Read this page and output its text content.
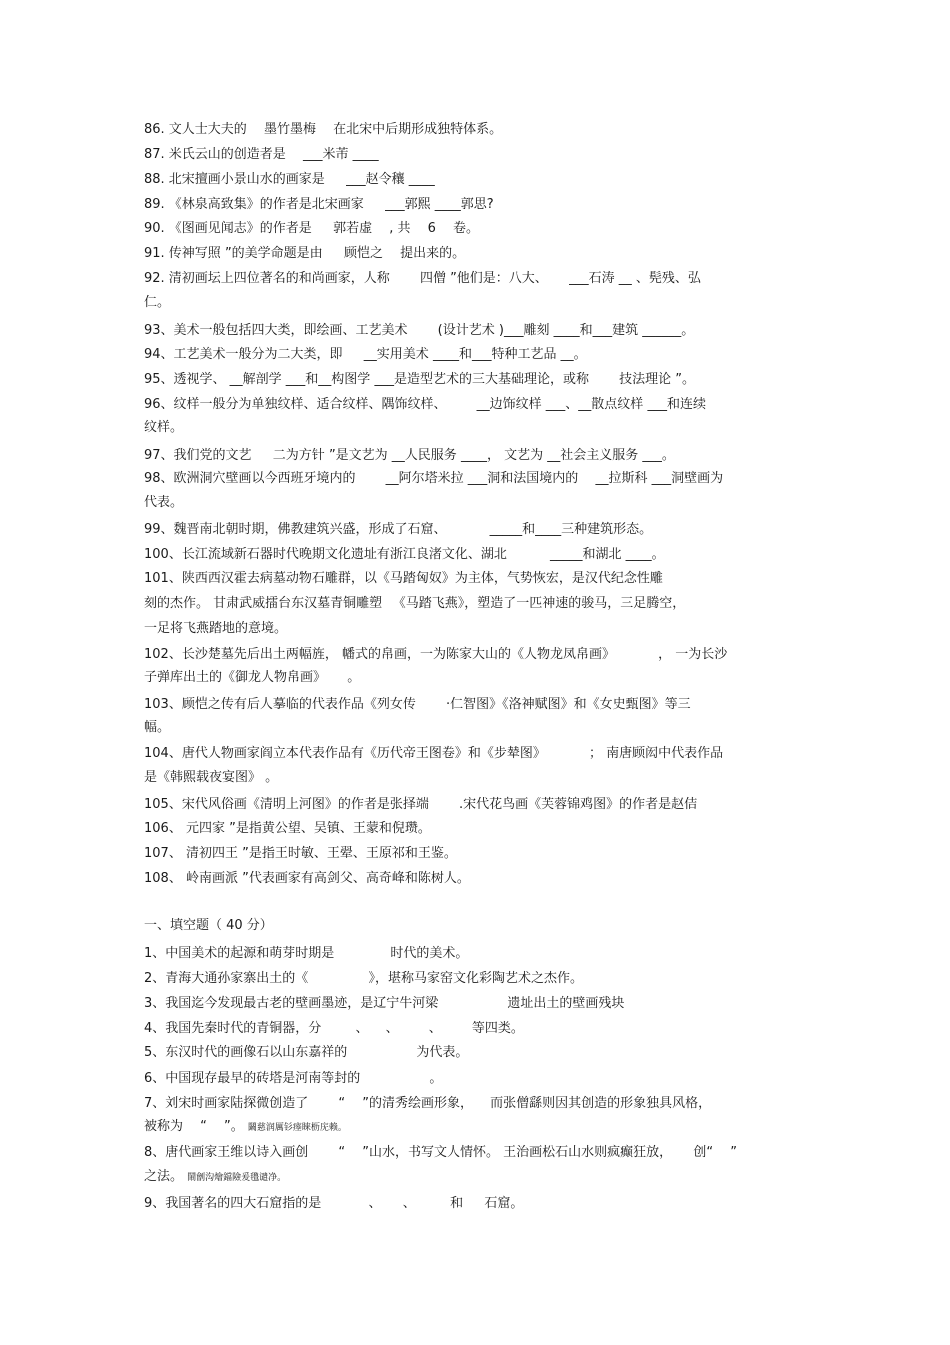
86. 文人士大夫的 　墨竹墨梅 　在北宋中后期形成独特体系。
87. 米氏云山的创造者是 　___米芾 ____
88. 北宋擅画小景山水的画家是 　 ___赵令穰 ____
89. 《林泉高致集》的作者是北宋画家 　 ___郭熙 ____郭思?
90. 《图画见闻志》的作者是 　 郭若虚 　, 共 　6 　卷。
91. 传神写照 ”的美学命题是由 　 顾恺之 　提出来的。
92. 清初画坛上四位著名的和尚画家，人称 　　四僧 ”他们是：八大、 　 ___石涛 __ 、髡残、弘
仁。
93、美术一般包括四大类，即绘画、工艺美术 　　(设计艺术 )___雕刻 ____和___建筑 ______。
94、工艺美术一般分为二大类，即 　 __实用美术 ____和___特种工艺品 __。
95、透视学、 __解剖学 ___和__构图学 ___是造型艺术的三大基础理论，或称 　　技法理论 ”。
96、纹样一般分为单独纹样、适合纹样、隅饰纹样、 　　__边饰纹样 ___、__散点纹样 ___和连续
纹样。
97、我们党的文艺 　 二为方针 ”是文艺为 __人民服务 ____， 文艺为 __社会主义服务 ___。
98、欧洲洞穴壁画以今西班牙境内的 　　__阿尔塔米拉 ___洞和法国境内的 　__拉斯科 ___洞壁画为
代表。
99、魏晋南北朝时期，佛教建筑兴盛，形成了石窟、 　　　_____和____三种建筑形态。
100、长江流域新石器时代晚期文化遗址有浙江良渚文化、湖北 　　　_____和湖北 ____。
101、陕西西汉霍去病墓动物石雕群，以《马踏匈奴》为主体，气势恢宏，是汉代纪念性雕
刻的杰作。 甘肃武威擂台东汉墓青铜雕塑 　《马踏飞燕》，塑造了一匹神速的骏马，三足腾空，
一足将飞燕踏地的意境。
102、长沙楚墓先后出土两幅旌， 幡式的帛画，一为陈家大山的《人物龙凤帛画》 　　　， 一为长沙
子弹库出土的《御龙人物帛画》 　 。
103、顾恺之传有后人摹临的代表作品《列女传 　　·仁智图》《洛神赋图》和《女史甄图》等三
幅。
104、唐代人物画家阎立本代表作品有《历代帝王图卷》和《步辇图》 　　　； 南唐顾闳中代表作品
是《韩熙载夜宴图》 。
105、宋代风俗画《清明上河图》的作者是张择端 　　.宋代花鸟画《芙蓉锦鸡图》的作者是赵佶
106、 元四家 ”是指黄公望、吴镇、王蒙和倪瓒。
107、 清初四王 ”是指王时敏、王翚、王原祁和王鉴。
108、 岭南画派 ”代表画家有高剑父、高奇峰和陈树人。
一、填空题（ 40 分）
1、中国美术的起源和萌芽时期是 　　　　时代的美术。
2、青海大通孙家寨出土的《 　　　　 》，堪称马家窑文化彩陶艺术之杰作。
3、我国迄今发现最古老的壁画墨迹，是辽宁牛河梁 　　　　　遗址出土的壁画残块
4、我国先秦时代的青铜器，分 　　 、 　、 　　、 　　等四类。
5、东汉时代的画像石以山东嘉祥的 　　　　　为代表。
6、中国现存最早的砖塔是河南等封的 　　　　　。
7、刘宋时画家陆探微创造了 　　“　 ”的清秀绘画形象， 　而张僧繇则因其创造的形象独具风格，
被称为 　“　 ”。 鬫慈润厲钐瘗睞枥庑赖。
8、唐代画家王维以诗入画创 　　“ 　”山水，书写文人情怀。 王治画松石山水则疯癫狂放， 　 创“ 　”
之法。 鬧劊沟燴鐺險爰氇谴净。
9、我国著名的四大石窟指的是 　　　 、 　 、 　 　和 　 石窟。
